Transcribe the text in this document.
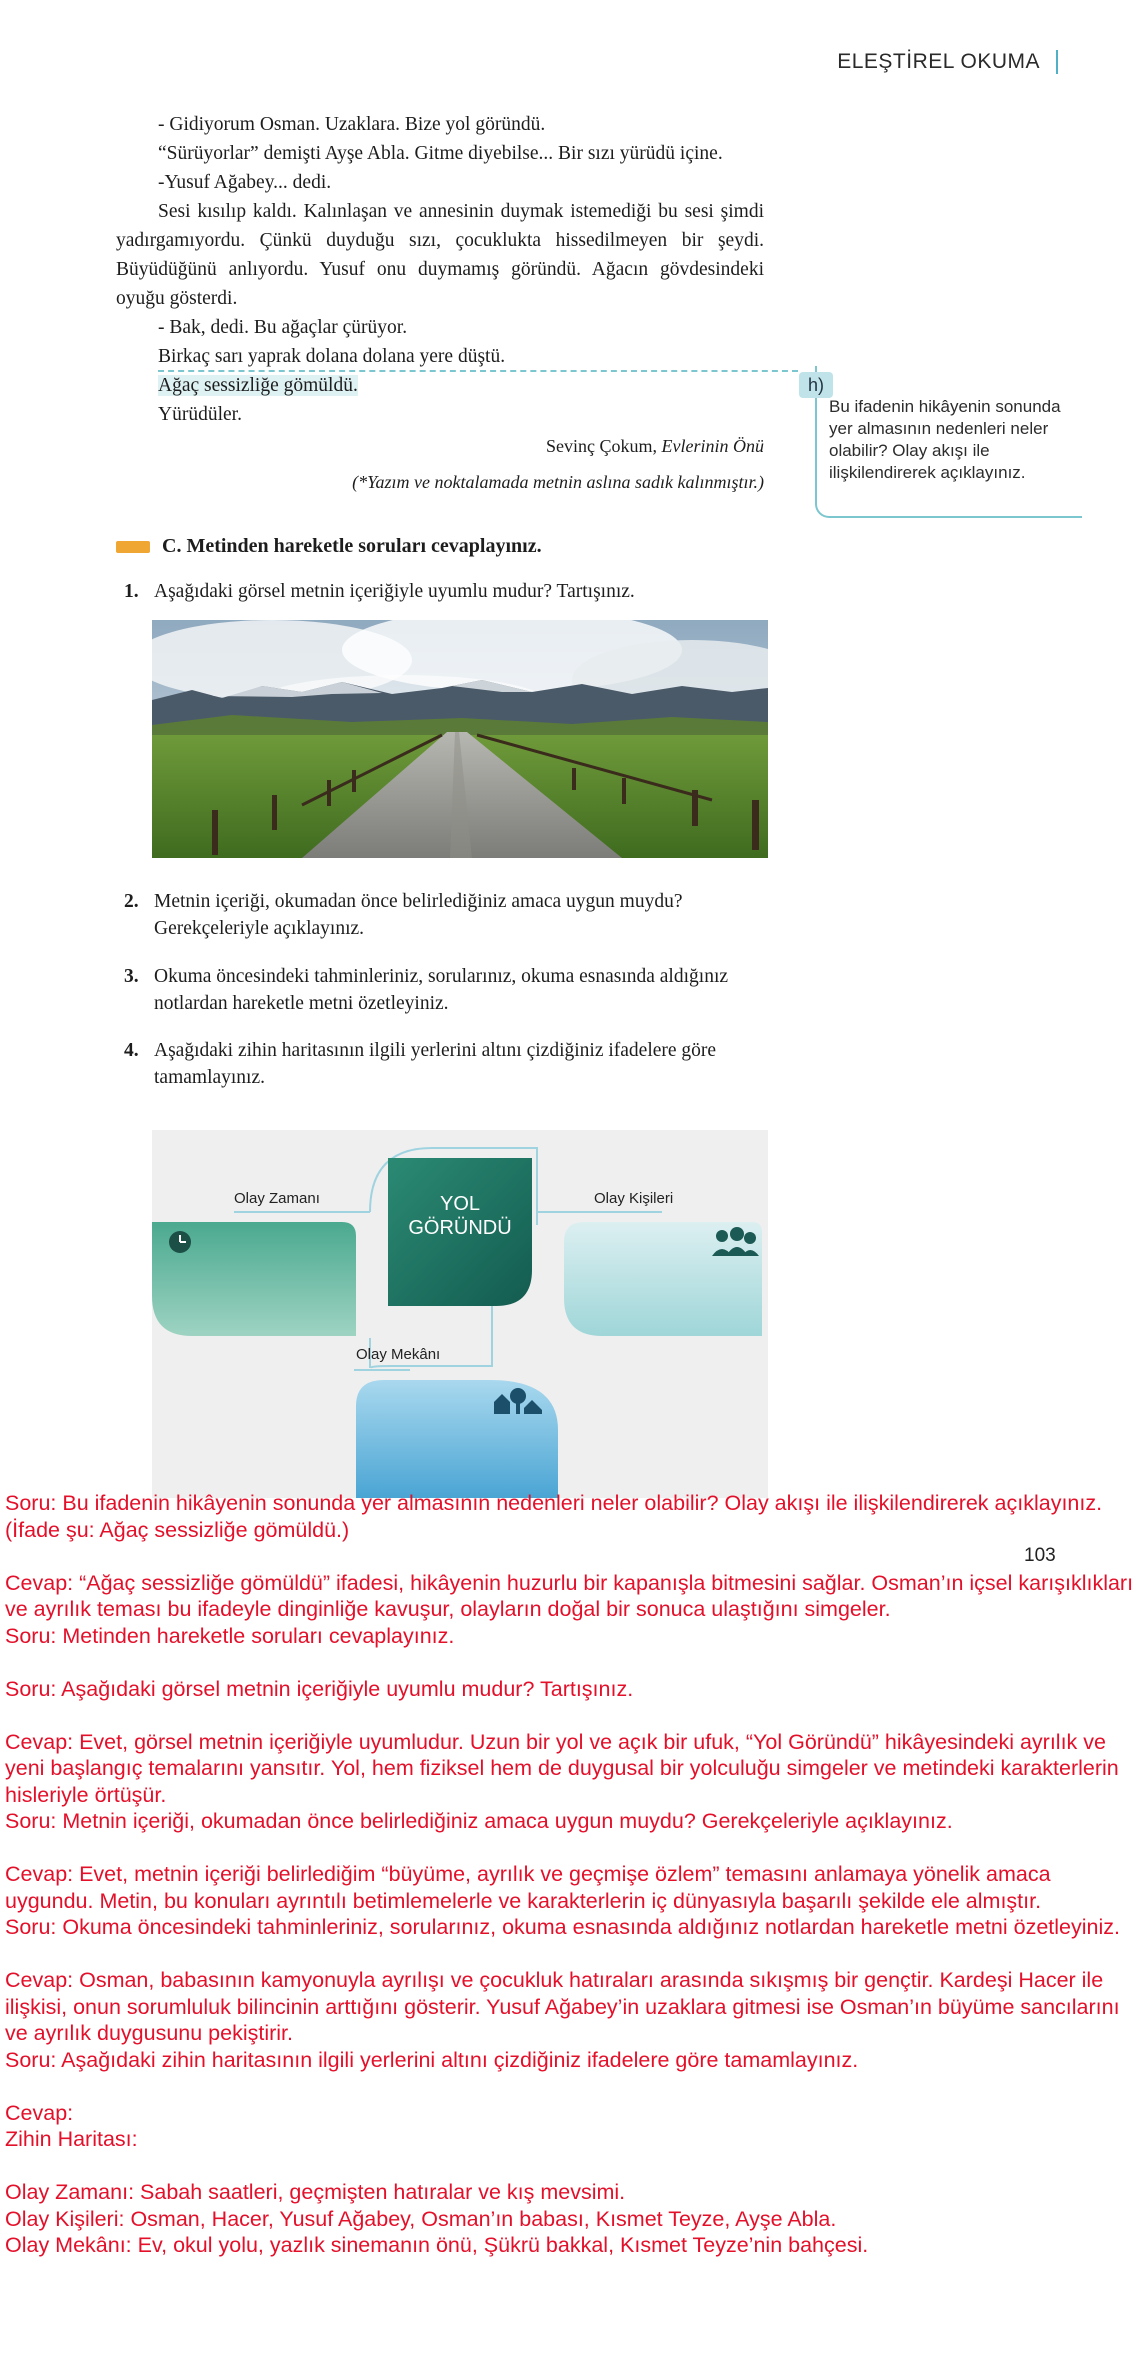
ELEŞTİREL OKUMA

- Gidiyorum Osman. Uzaklara. Bize yol göründü.

“Sürüyorlar” demişti Ayşe Abla. Gitme diyebilse... Bir sızı yürüdü içine.

-Yusuf Ağabey... dedi.

Sesi kısılıp kaldı. Kalınlaşan ve annesinin duymak istemediği bu sesi şimdi yadırgamıyordu. Çünkü duyduğu sızı, çocuklukta hissedilmeyen bir şeydi. Büyüdüğünü anlıyordu. Yusuf onu duymamış göründü. Ağacın gövdesindeki oyuğu gösterdi.

- Bak, dedi. Bu ağaçlar çürüyor.

Birkaç sarı yaprak dolana dolana yere düştü.

Ağaç sessizliğe gömüldü.

Yürüdüler.

Sevinç Çokum, Evlerinin Önü
(*Yazım ve noktalamada metnin aslına sadık kalınmıştır.)
h)
Bu ifadenin hikâyenin sonunda yer almasının nedenleri neler olabilir? Olay akışı ile ilişkilendirerek açıklayınız.
C. Metinden hareketle soruları cevaplayınız.
1. Aşağıdaki görsel metnin içeriğiyle uyumlu mudur? Tartışınız.
2. Metnin içeriği, okumadan önce belirlediğiniz amaca uygun muydu? Gerekçeleriyle açıklayınız.
3. Okuma öncesindeki tahminleriniz, sorularınız, okuma esnasında aldığınız notlardan hareketle metni özetleyiniz.
4. Aşağıdaki zihin haritasının ilgili yerlerini altını çizdiğiniz ifadelere göre tamamlayınız.
Olay Zamanı	Olay Kişileri
Olay Mekânı
YOL
GÖRÜNDÜ
103

Soru: Bu ifadenin hikâyenin sonunda yer almasının nedenleri neler olabilir? Olay akışı ile ilişkilendirerek açıklayınız. (İfade şu: Ağaç sessizliğe gömüldü.)

Cevap: “Ağaç sessizliğe gömüldü” ifadesi, hikâyenin huzurlu bir kapanışla bitmesini sağlar. Osman’ın içsel karışıklıkları ve ayrılık teması bu ifadeyle dinginliğe kavuşur, olayların doğal bir sonuca ulaştığını simgeler.

Soru: Metinden hareketle soruları cevaplayınız.

Soru: Aşağıdaki görsel metnin içeriğiyle uyumlu mudur? Tartışınız.

Cevap: Evet, görsel metnin içeriğiyle uyumludur. Uzun bir yol ve açık bir ufuk, “Yol Göründü” hikâyesindeki ayrılık ve yeni başlangıç temalarını yansıtır. Yol, hem fiziksel hem de duygusal bir yolculuğu simgeler ve metindeki karakterlerin hisleriyle örtüşür.

Soru: Metnin içeriği, okumadan önce belirlediğiniz amaca uygun muydu? Gerekçeleriyle açıklayınız.

Cevap: Evet, metnin içeriği belirlediğim “büyüme, ayrılık ve geçmişe özlem” temasını anlamaya yönelik amaca uygundu. Metin, bu konuları ayrıntılı betimlemelerle ve karakterlerin iç dünyasıyla başarılı şekilde ele almıştır.

Soru: Okuma öncesindeki tahminleriniz, sorularınız, okuma esnasında aldığınız notlardan hareketle metni özetleyiniz.

Cevap: Osman, babasının kamyonuyla ayrılışı ve çocukluk hatıraları arasında sıkışmış bir gençtir. Kardeşi Hacer ile ilişkisi, onun sorumluluk bilincinin arttığını gösterir. Yusuf Ağabey’in uzaklara gitmesi ise Osman’ın büyüme sancılarını ve ayrılık duygusunu pekiştirir.

Soru: Aşağıdaki zihin haritasının ilgili yerlerini altını çizdiğiniz ifadelere göre tamamlayınız.

Cevap:

Zihin Haritası:

Olay Zamanı: Sabah saatleri, geçmişten hatıralar ve kış mevsimi.

Olay Kişileri: Osman, Hacer, Yusuf Ağabey, Osman’ın babası, Kısmet Teyze, Ayşe Abla.

Olay Mekânı: Ev, okul yolu, yazlık sinemanın önü, Şükrü bakkal, Kısmet Teyze’nin bahçesi.
